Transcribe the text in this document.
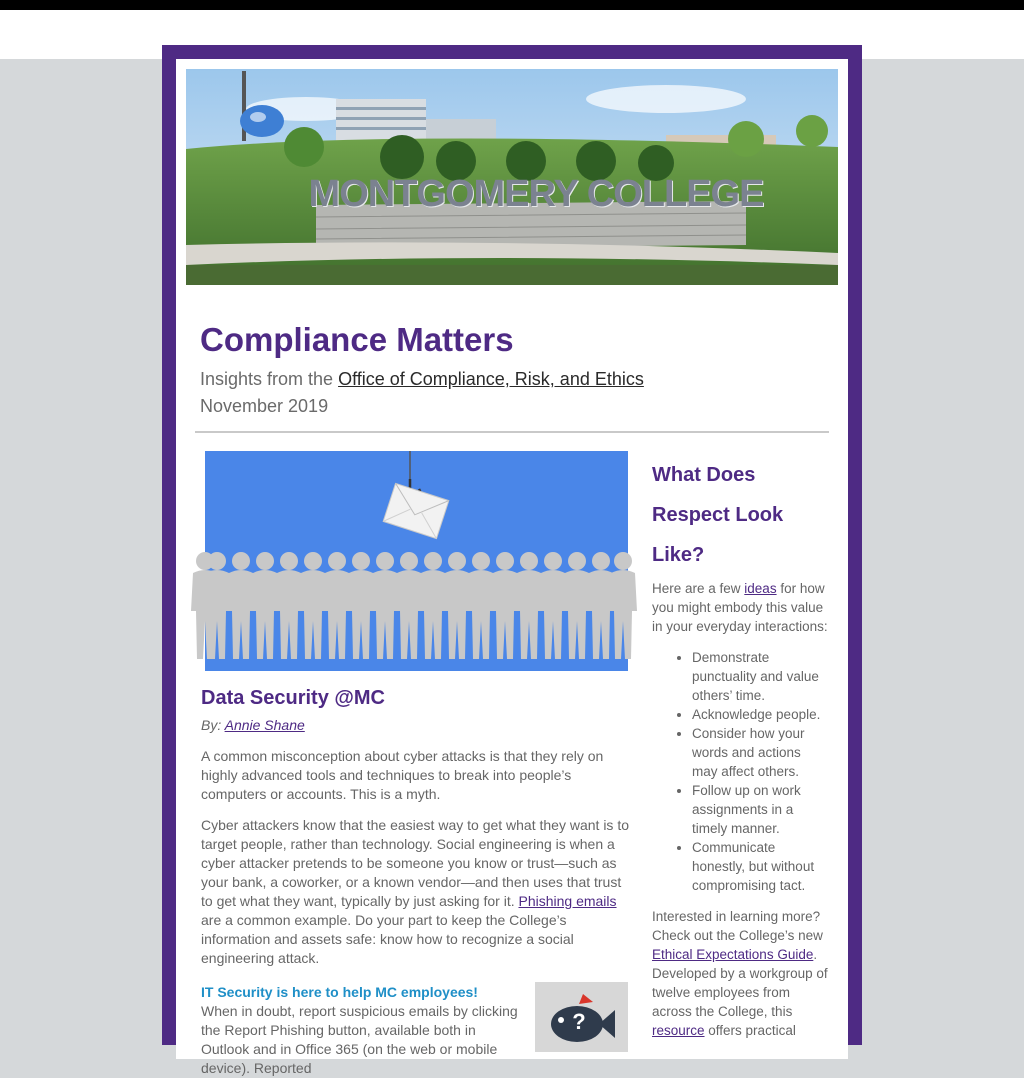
MONTGOMERY COLLEGE
Compliance Matters
Insights from the Office of Compliance, Risk, and Ethics
November 2019
Data Security @MC
By: Annie Shane

A common misconception about cyber attacks is that they rely on highly advanced tools and techniques to break into people’s computers or accounts. This is a myth.

Cyber attackers know that the easiest way to get what they want is to target people, rather than technology. Social engineering is when a cyber attacker pretends to be someone you know or trust—such as your bank, a coworker, or a known vendor—and then uses that trust to get what they want, typically by just asking for it. Phishing emails are a common example. Do your part to keep the College’s information and assets safe: know how to recognize a social engineering attack.

IT Security is here to help MC employees!
When in doubt, report suspicious emails by clicking the Report Phishing button, available both in Outlook and in Office 365 (on the web or mobile device). Reported
?
What Does Respect Look Like?
Here are a few ideas for how you might embody this value in your everyday interactions:
• Demonstrate punctuality and value others’ time.
• Acknowledge people.
• Consider how your words and actions may affect others.
• Follow up on work assignments in a timely manner.
• Communicate honestly, but without compromising tact.
Interested in learning more? Check out the College’s new Ethical Expectations Guide. Developed by a workgroup of twelve employees from across the College, this resource offers practical
